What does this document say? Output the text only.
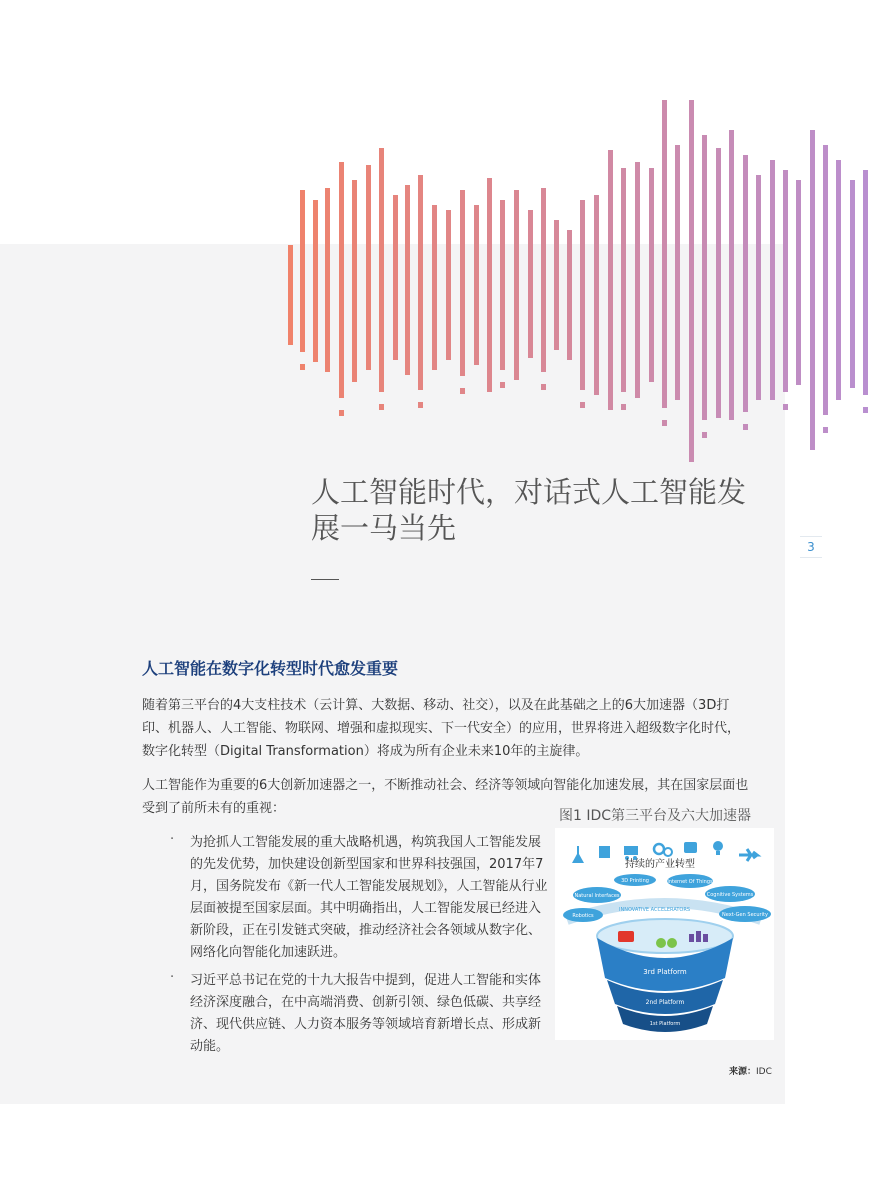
3
人工智能时代，对话式人工智能发展一马当先
人工智能在数字化转型时代愈发重要

随着第三平台的4大支柱技术（云计算、大数据、移动、社交），以及在此基础之上的6大加速器（3D打印、机器人、人工智能、物联网、增强和虚拟现实、下一代安全）的应用，世界将进入超级数字化时代，数字化转型（Digital Transformation）将成为所有企业未来10年的主旋律。

人工智能作为重要的6大创新加速器之一，不断推动社会、经济等领域向智能化加速发展，其在国家层面也受到了前所未有的重视：

· 为抢抓人工智能发展的重大战略机遇，构筑我国人工智能发展的先发优势，加快建设创新型国家和世界科技强国，2017年7月，国务院发布《新一代人工智能发展规划》，人工智能从行业层面被提至国家层面。其中明确指出，人工智能发展已经进入新阶段，正在引发链式突破，推动经济社会各领域从数字化、网络化向智能化加速跃进。

· 习近平总书记在党的十九大报告中提到，促进人工智能和实体经济深度融合，在中高端消费、创新引领、绿色低碳、共享经济、现代供应链、人力资本服务等领域培育新增长点、形成新动能。

图1 IDC第三平台及六大加速器
持续的产业转型
INNOVATIVE ACCELERATORS
3D Printing	Internet Of Things
Natural Interfaces	Cognitive Systems
Robotics	Next-Gen Security
3rd Platform
2nd Platform
1st Platform
来源：IDC
